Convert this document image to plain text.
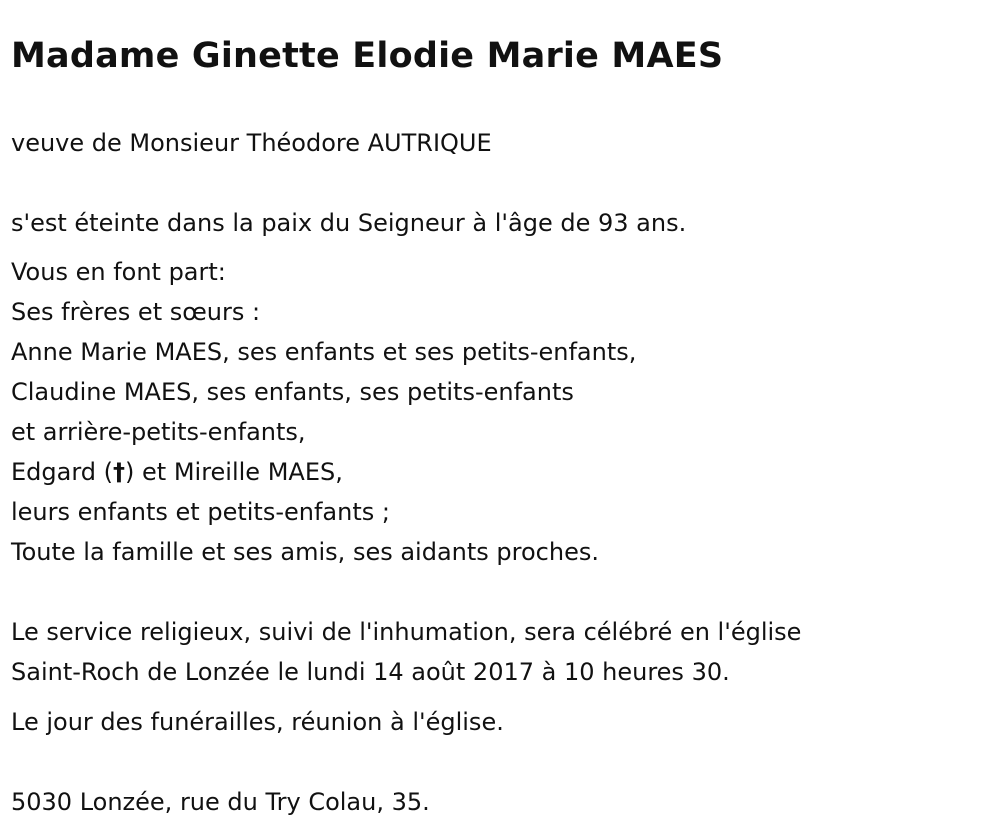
Madame Ginette Elodie Marie MAES

veuve de Monsieur Théodore AUTRIQUE

s'est éteinte dans la paix du Seigneur à l'âge de 93 ans.

Vous en font part:

Ses frères et sœurs :

Anne Marie MAES, ses enfants et ses petits-enfants,

Claudine MAES, ses enfants, ses petits-enfants

et arrière-petits-enfants,

Edgard (†) et Mireille MAES,

leurs enfants et petits-enfants ;

Toute la famille et ses amis, ses aidants proches.

Le service religieux, suivi de l'inhumation, sera célébré en l'église

Saint-Roch de Lonzée le lundi 14 août 2017 à 10 heures 30.

Le jour des funérailles, réunion à l'église.

5030 Lonzée, rue du Try Colau, 35.
